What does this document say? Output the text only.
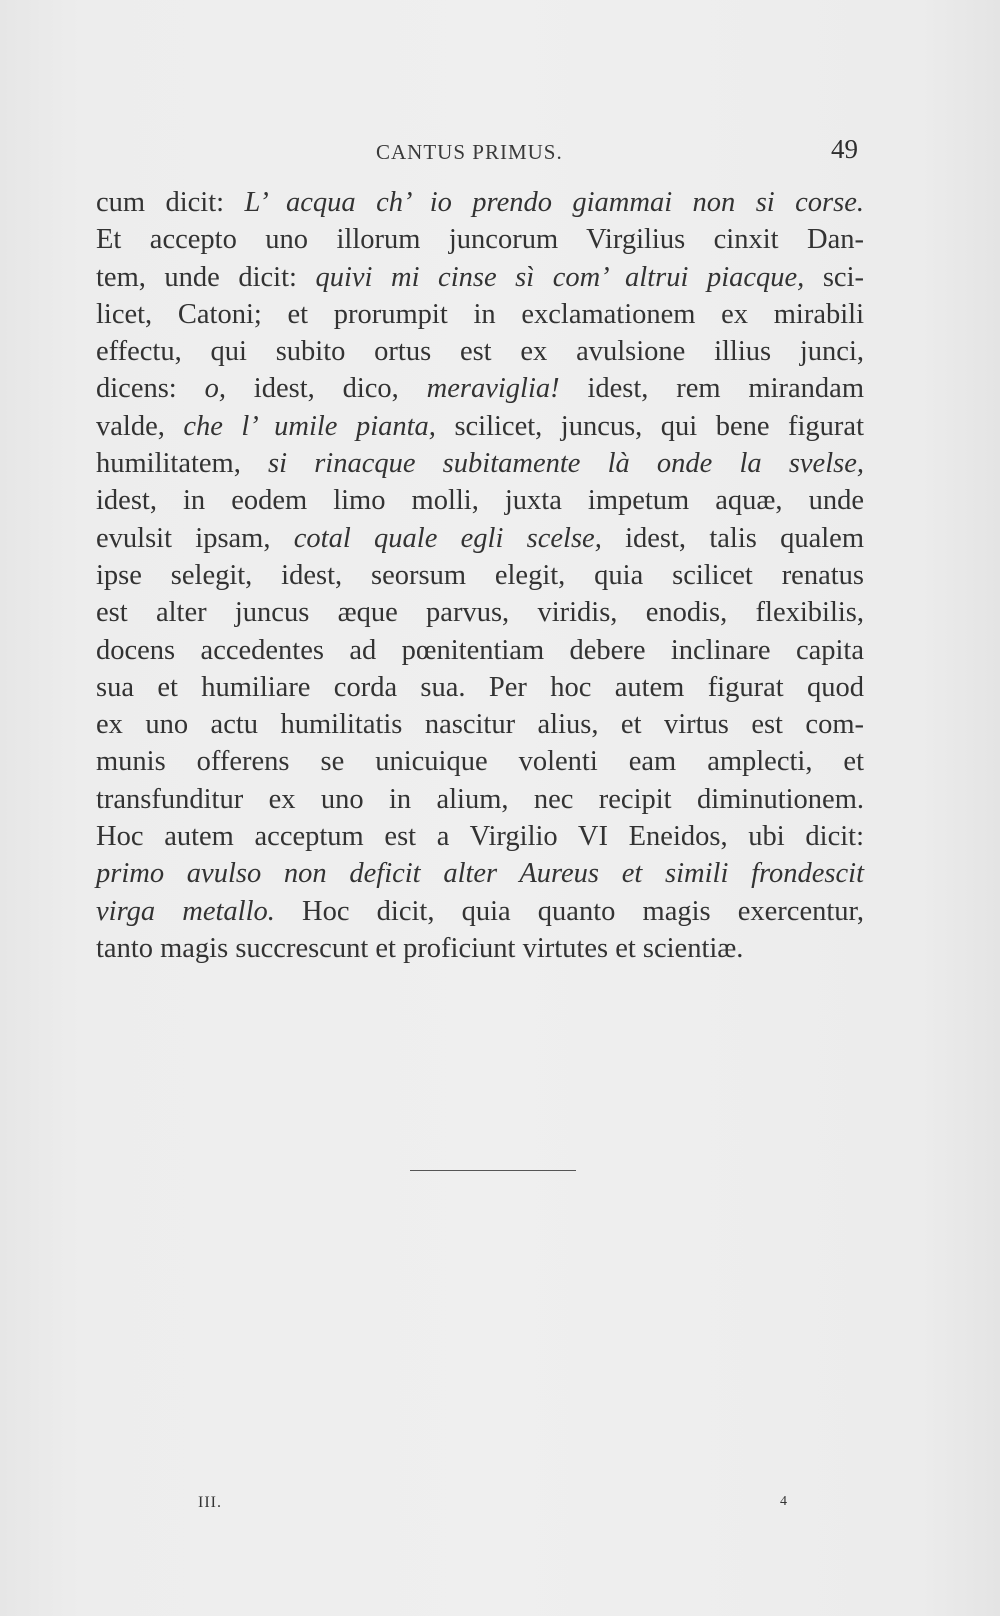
CANTUS PRIMUS.	49
cum dicit: L’ acqua ch’ io prendo giammai non si corse.
Et accepto uno illorum juncorum Virgilius cinxit Dan-
tem, unde dicit: quivi mi cinse sì com’ altrui piacque, sci-
licet, Catoni; et prorumpit in exclamationem ex mirabili
effectu, qui subito ortus est ex avulsione illius junci,
dicens: o, idest, dico, meraviglia! idest, rem mirandam
valde, che l’ umile pianta, scilicet, juncus, qui bene figurat
humilitatem, si rinacque subitamente là onde la svelse,
idest, in eodem limo molli, juxta impetum aquæ, unde
evulsit ipsam, cotal quale egli scelse, idest, talis qualem
ipse selegit, idest, seorsum elegit, quia scilicet renatus
est alter juncus æque parvus, viridis, enodis, flexibilis,
docens accedentes ad pœnitentiam debere inclinare capita
sua et humiliare corda sua. Per hoc autem figurat quod
ex uno actu humilitatis nascitur alius, et virtus est com-
munis offerens se unicuique volenti eam amplecti, et
transfunditur ex uno in alium, nec recipit diminutionem.
Hoc autem acceptum est a Virgilio VI Eneidos, ubi dicit:
primo avulso non deficit alter Aureus et simili frondescit
virga metallo. Hoc dicit, quia quanto magis exercentur,
tanto magis succrescunt et proficiunt virtutes et scientiæ.
III.	4
